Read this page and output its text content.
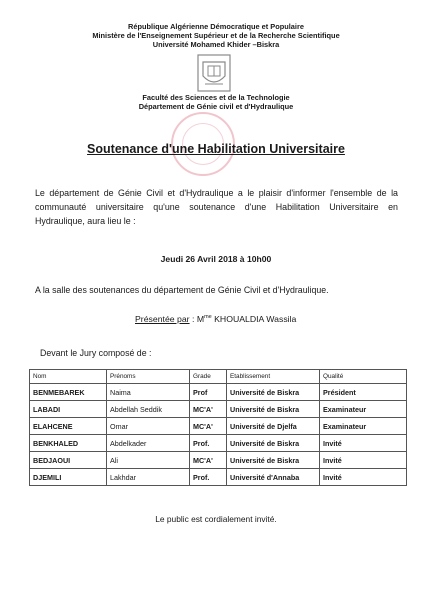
République Algérienne Démocratique et Populaire
Ministère de l'Enseignement Supérieur et de la Recherche Scientifique
Université Mohamed Khider –Biskra
Faculté des Sciences et de la Technologie
Département de Génie civil et d'Hydraulique
Soutenance d'une Habilitation Universitaire
Le département de Génie Civil et d'Hydraulique a le plaisir d'informer l'ensemble de la communauté universitaire qu'une soutenance d'une Habilitation Universitaire en Hydraulique, aura lieu le :
Jeudi 26 Avril 2018 à 10h00
A la salle des soutenances du département de Génie Civil et d'Hydraulique.
Présentée par : $M^{me}$ KHOUALDIA Wassila
Devant le Jury composé de :
Nom	Prénoms	Grade	Etablissement	Qualité
BENMEBAREK	Naima	Prof	Université de Biskra	Président
LABADI	Abdellah Seddik	MC'A'	Université de Biskra	Examinateur
ELAHCENE	Omar	MC'A'	Université de Djelfa	Examinateur
BENKHALED	Abdelkader	Prof.	Université de Biskra	Invité
BEDJAOUI	Ali	MC'A'	Université de Biskra	Invité
DJEMILI	Lakhdar	Prof.	Université d'Annaba	Invité
Le public est cordialement invité.
